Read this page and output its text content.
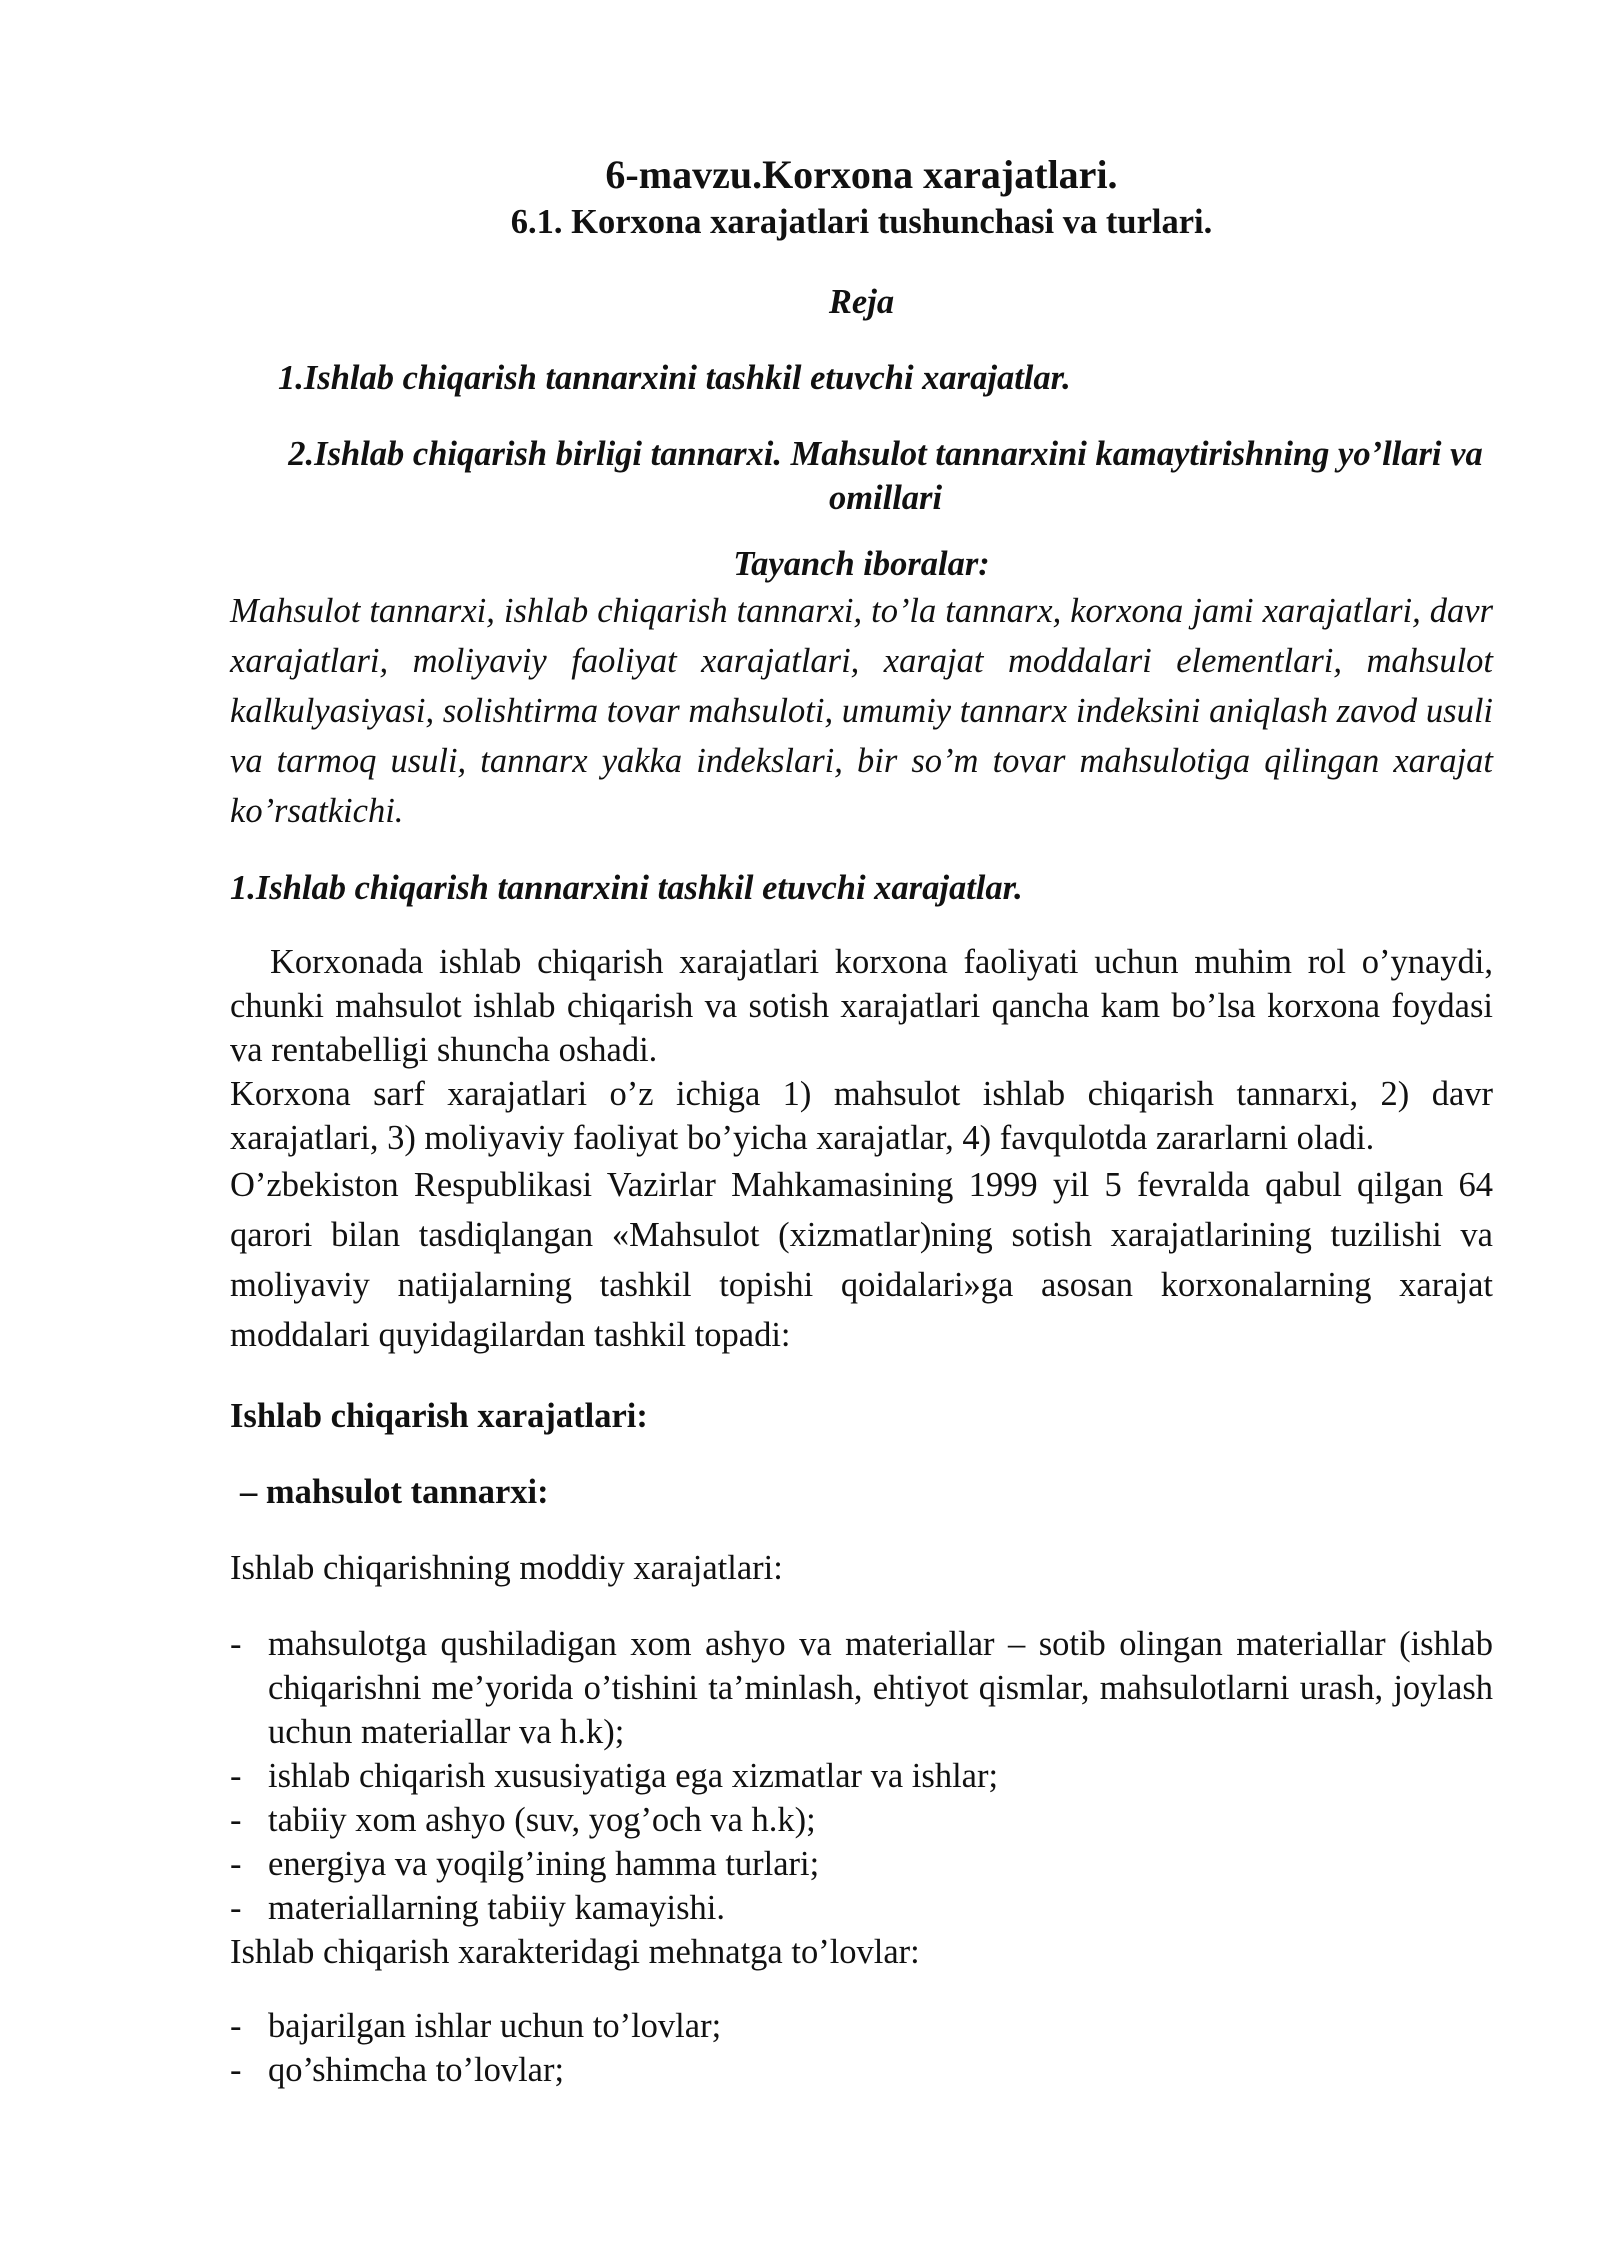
6-mavzu.Korxona xarajatlari.

6.1. Korxona xarajatlari tushunchasi va turlari.

Reja

1.Ishlab chiqarish tannarxini tashkil etuvchi xarajatlar.

2.Ishlab chiqarish birligi tannarxi. Mahsulot tannarxini kamaytirishning yo’llari va omillari

Tayanch iboralar:

Mahsulot tannarxi, ishlab chiqarish tannarxi, to’la tannarx, korxona jami xarajatlari, davr xarajatlari, moliyaviy faoliyat xarajatlari, xarajat moddalari elementlari, mahsulot kalkulyasiyasi, solishtirma tovar mahsuloti, umumiy tannarx indeksini aniqlash zavod usuli va tarmoq usuli, tannarx yakka indekslari, bir so’m tovar mahsulotiga qilingan xarajat ko’rsatkichi.

1.Ishlab chiqarish tannarxini tashkil etuvchi xarajatlar.

Korxonada ishlab chiqarish xarajatlari korxona faoliyati uchun muhim rol o’ynaydi, chunki mahsulot ishlab chiqarish va sotish xarajatlari qancha kam bo’lsa korxona foydasi va rentabelligi shuncha oshadi.

Korxona sarf xarajatlari o’z ichiga 1) mahsulot ishlab chiqarish tannarxi, 2) davr xarajatlari, 3) moliyaviy faoliyat bo’yicha xarajatlar, 4) favqulotda zararlarni oladi.

O’zbekiston Respublikasi Vazirlar Mahkamasining 1999 yil 5 fevralda qabul qilgan 64 qarori bilan tasdiqlangan «Mahsulot (xizmatlar)ning sotish xarajatlarining tuzilishi va moliyaviy natijalarning tashkil topishi qoidalari»ga asosan korxonalarning xarajat moddalari quyidagilardan tashkil topadi:

Ishlab chiqarish xarajatlari:

– mahsulot tannarxi:

Ishlab chiqarishning moddiy xarajatlari:

- mahsulotga qushiladigan xom ashyo va materiallar – sotib olingan materiallar (ishlab chiqarishni me’yorida o’tishini ta’minlash, ehtiyot qismlar, mahsulotlarni urash, joylash uchun materiallar va h.k);
- ishlab chiqarish xususiyatiga ega xizmatlar va ishlar;
- tabiiy xom ashyo (suv, yog’och va h.k);
- energiya va yoqilg’ining hamma turlari;
- materiallarning tabiiy kamayishi.

Ishlab chiqarish xarakteridagi mehnatga to’lovlar:

- bajarilgan ishlar uchun to’lovlar;
- qo’shimcha to’lovlar;
